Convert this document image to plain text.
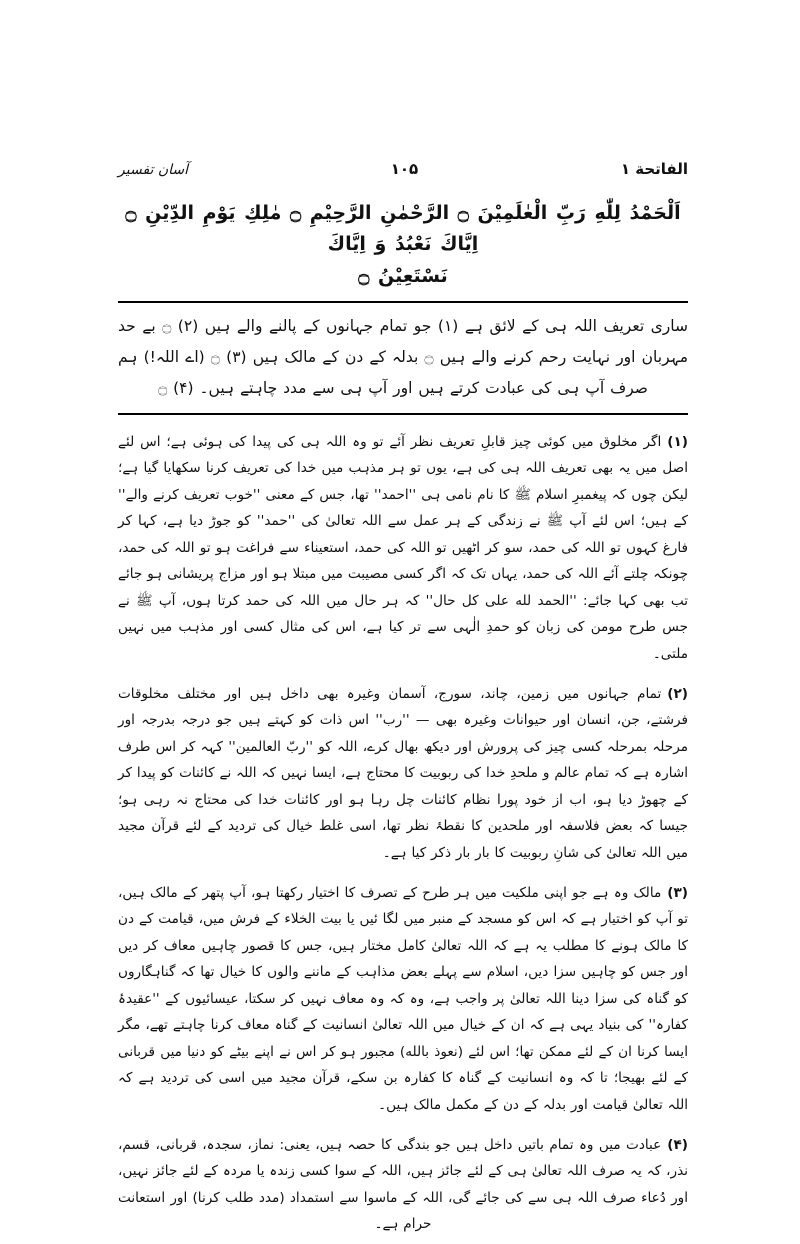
الفاتحة ۱
۱۰۵
آسان تفسیر
اَلْحَمْدُ لِلّٰهِ رَبِّ الْعٰلَمِيْنَ ۝ الرَّحْمٰنِ الرَّحِيْمِ ۝ مٰلِكِ يَوْمِ الدِّيْنِ ۝ اِيَّاكَ نَعْبُدُ وَ اِيَّاكَ
نَسْتَعِيْنُ ۝
ساری تعریف اللہ ہی کے لائق ہے (۱) جو تمام جہانوں کے پالنے والے ہیں (۲) ۝ بے حد مہربان اور نہایت رحم کرنے والے ہیں ۝ بدلہ کے دن کے مالک ہیں (۳) ۝ (اے اللہ!) ہم صرف آپ ہی کی عبادت کرتے ہیں اور آپ ہی سے مدد چاہتے ہیں۔ (۴) ۝

(۱)اگر مخلوق میں کوئی چیز قابلِ تعریف نظر آئے تو وہ اللہ ہی کی پیدا کی ہوئی ہے؛ اس لئے اصل میں یہ بھی تعریف اللہ ہی کی ہے، یوں تو ہر مذہب میں خدا کی تعریف کرنا سکھایا گیا ہے؛ لیکن چوں کہ پیغمبرِ اسلام ﷺ کا نام نامی ہی ''احمد'' تھا، جس کے معنی ''خوب تعریف کرنے والے'' کے ہیں؛ اس لئے آپ ﷺ نے زندگی کے ہر عمل سے اللہ تعالیٰ کی ''حمد'' کو جوڑ دیا ہے، کہا کر فارغ کہوں تو اللہ کی حمد، سو کر اٹھیں تو اللہ کی حمد، استعیناء سے فراغت ہو تو اللہ کی حمد، چونکہ چلتے آئے اللہ کی حمد، یہاں تک کہ اگر کسی مصیبت میں مبتلا ہو اور مزاج پریشانی ہو جائے تب بھی کہا جائے: ''الحمد لله على كل حال'' کہ ہر حال میں اللہ کی حمد کرتا ہوں، آپ ﷺ نے جس طرح مومن کی زبان کو حمدِ الٰہی سے تر کیا ہے، اس کی مثال کسی اور مذہب میں نہیں ملتی۔

(۲)تمام جہانوں میں زمین، چاند، سورج، آسمان وغیرہ بھی داخل ہیں اور مختلف مخلوقات فرشتے، جن، انسان اور حیوانات وغیرہ بھی — ''رب'' اس ذات کو کہتے ہیں جو درجہ بدرجہ اور مرحلہ بمرحلہ کسی چیز کی پرورش اور دیکھ بھال کرے، اللہ کو ''ربّ العالمین'' کہہ کر اس طرف اشارہ ہے کہ تمام عالم و ملحدِ خدا کی ربوبیت کا محتاج ہے، ایسا نہیں کہ اللہ نے کائنات کو پیدا کر کے چھوڑ دیا ہو، اب از خود پورا نظام کائنات چل رہا ہو اور کائنات خدا کی محتاج نہ رہی ہو؛ جیسا کہ بعض فلاسفہ اور ملحدین کا نقطۂ نظر تھا، اسی غلط خیال کی تردید کے لئے قرآن مجید میں اللہ تعالیٰ کی شانِ ربوبیت کا بار بار ذکر کیا ہے۔

(۳)مالک وہ ہے جو اپنی ملکیت میں ہر طرح کے تصرف کا اختیار رکھتا ہو، آپ پتھر کے مالک ہیں، تو آپ کو اختیار ہے کہ اس کو مسجد کے منبر میں لگا ئیں یا بیت الخلاء کے فرش میں، قیامت کے دن کا مالک ہونے کا مطلب یہ ہے کہ اللہ تعالیٰ کامل مختار ہیں، جس کا قصور چاہیں معاف کر دیں اور جس کو چاہیں سزا دیں، اسلام سے پہلے بعض مذاہب کے ماننے والوں کا خیال تھا کہ گناہگاروں کو گناہ کی سزا دینا اللہ تعالیٰ پر واجب ہے، وہ کہ وہ معاف نہیں کر سکتا، عیسائیوں کے ''عقیدۂ کفارہ'' کی بنیاد یہی ہے کہ ان کے خیال میں اللہ تعالیٰ انسانیت کے گناہ معاف کرنا چاہتے تھے، مگر ایسا کرنا ان کے لئے ممکن تھا؛ اس لئے (نعوذ بالله) مجبور ہو کر اس نے اپنے بیٹے کو دنیا میں قربانی کے لئے بھیجا؛ تا کہ وہ انسانیت کے گناہ کا کفارہ بن سکے، قرآن مجید میں اسی کی تردید ہے کہ اللہ تعالیٰ قیامت اور بدلہ کے دن کے مکمل مالک ہیں۔

(۴)عبادت میں وہ تمام باتیں داخل ہیں جو بندگی کا حصہ ہیں، یعنی: نماز، سجدہ، قربانی، قسم، نذر، کہ یہ صرف اللہ تعالیٰ ہی کے لئے جائز ہیں، اللہ کے سوا کسی زندہ یا مردہ کے لئے جائز نہیں، اور دُعاء صرف اللہ ہی سے کی جائے گی، اللہ کے ماسوا سے استمداد (مدد طلب کرنا) اور استعانت حرام ہے۔
